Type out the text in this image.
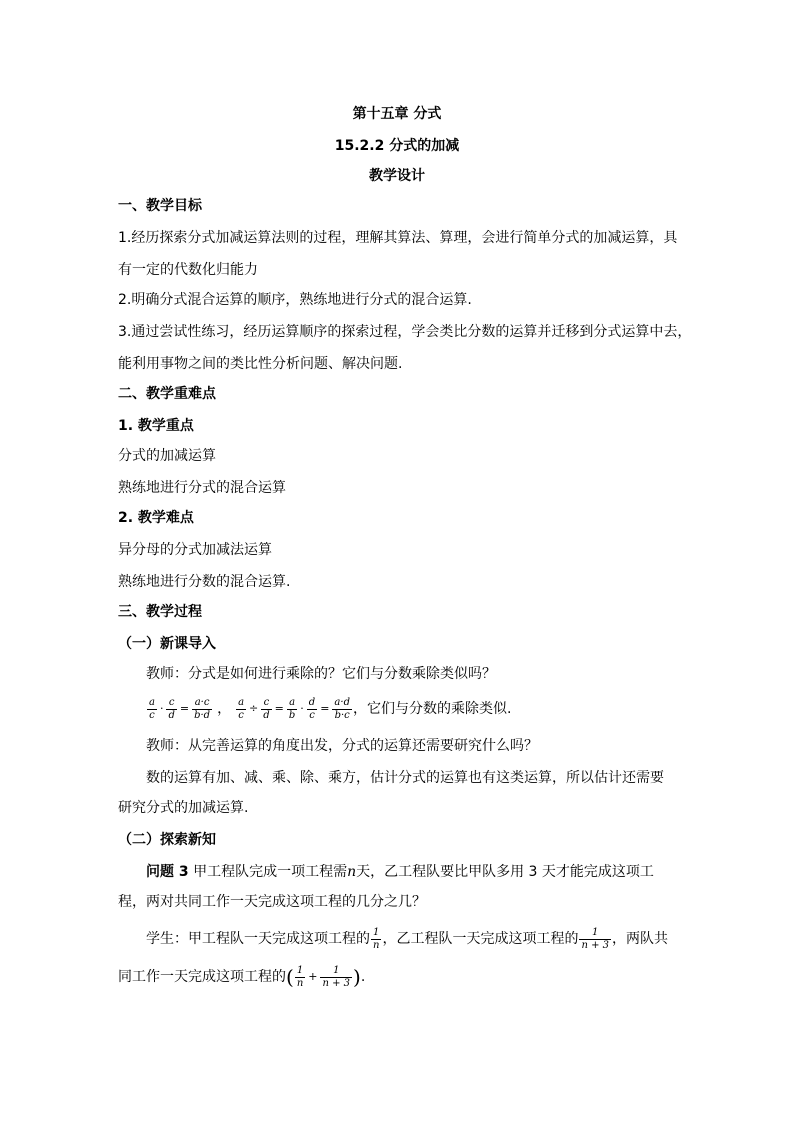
第十五章 分式
15.2.2 分式的加减
教学设计
一、教学目标
1.经历探索分式加减运算法则的过程，理解其算法、算理，会进行简单分式的加减运算，具
有一定的代数化归能力
2.明确分式混合运算的顺序，熟练地进行分式的混合运算.
3.通过尝试性练习，经历运算顺序的探索过程，学会类比分数的运算并迁移到分式运算中去，
能利用事物之间的类比性分析问题、解决问题.
二、教学重难点
1. 教学重点
分式的加减运算
熟练地进行分式的混合运算
2. 教学难点
异分母的分式加减法运算
熟练地进行分数的混合运算.
三、教学过程
（一）新课导入
教师：分式是如何进行乘除的？它们与分数乘除类似吗？
$\frac{a}{c} \cdot \frac{c}{d} = \frac{a\cdot c}{b\cdot d}$ ， $\frac{a}{c} \div \frac{c}{d} = \frac{a}{b} \cdot \frac{d}{c} = \frac{a\cdot d}{b\cdot c}$ ，它们与分数的乘除类似.
教师：从完善运算的角度出发，分式的运算还需要研究什么吗？
数的运算有加、减、乘、除、乘方，估计分式的运算也有这类运算，所以估计还需要
研究分式的加减运算.
（二）探索新知
问题 3 甲工程队完成一项工程需n天，乙工程队要比甲队多用 3 天才能完成这项工
程，两对共同工作一天完成这项工程的几分之几？
学生：甲工程队一天完成这项工程的 $\frac{1}{n}$ ，乙工程队一天完成这项工程的 $\frac{1}{n + 3}$ ，两队共
同工作一天完成这项工程的( $\frac{1}{n} + \frac{1}{n + 3}$ ).
